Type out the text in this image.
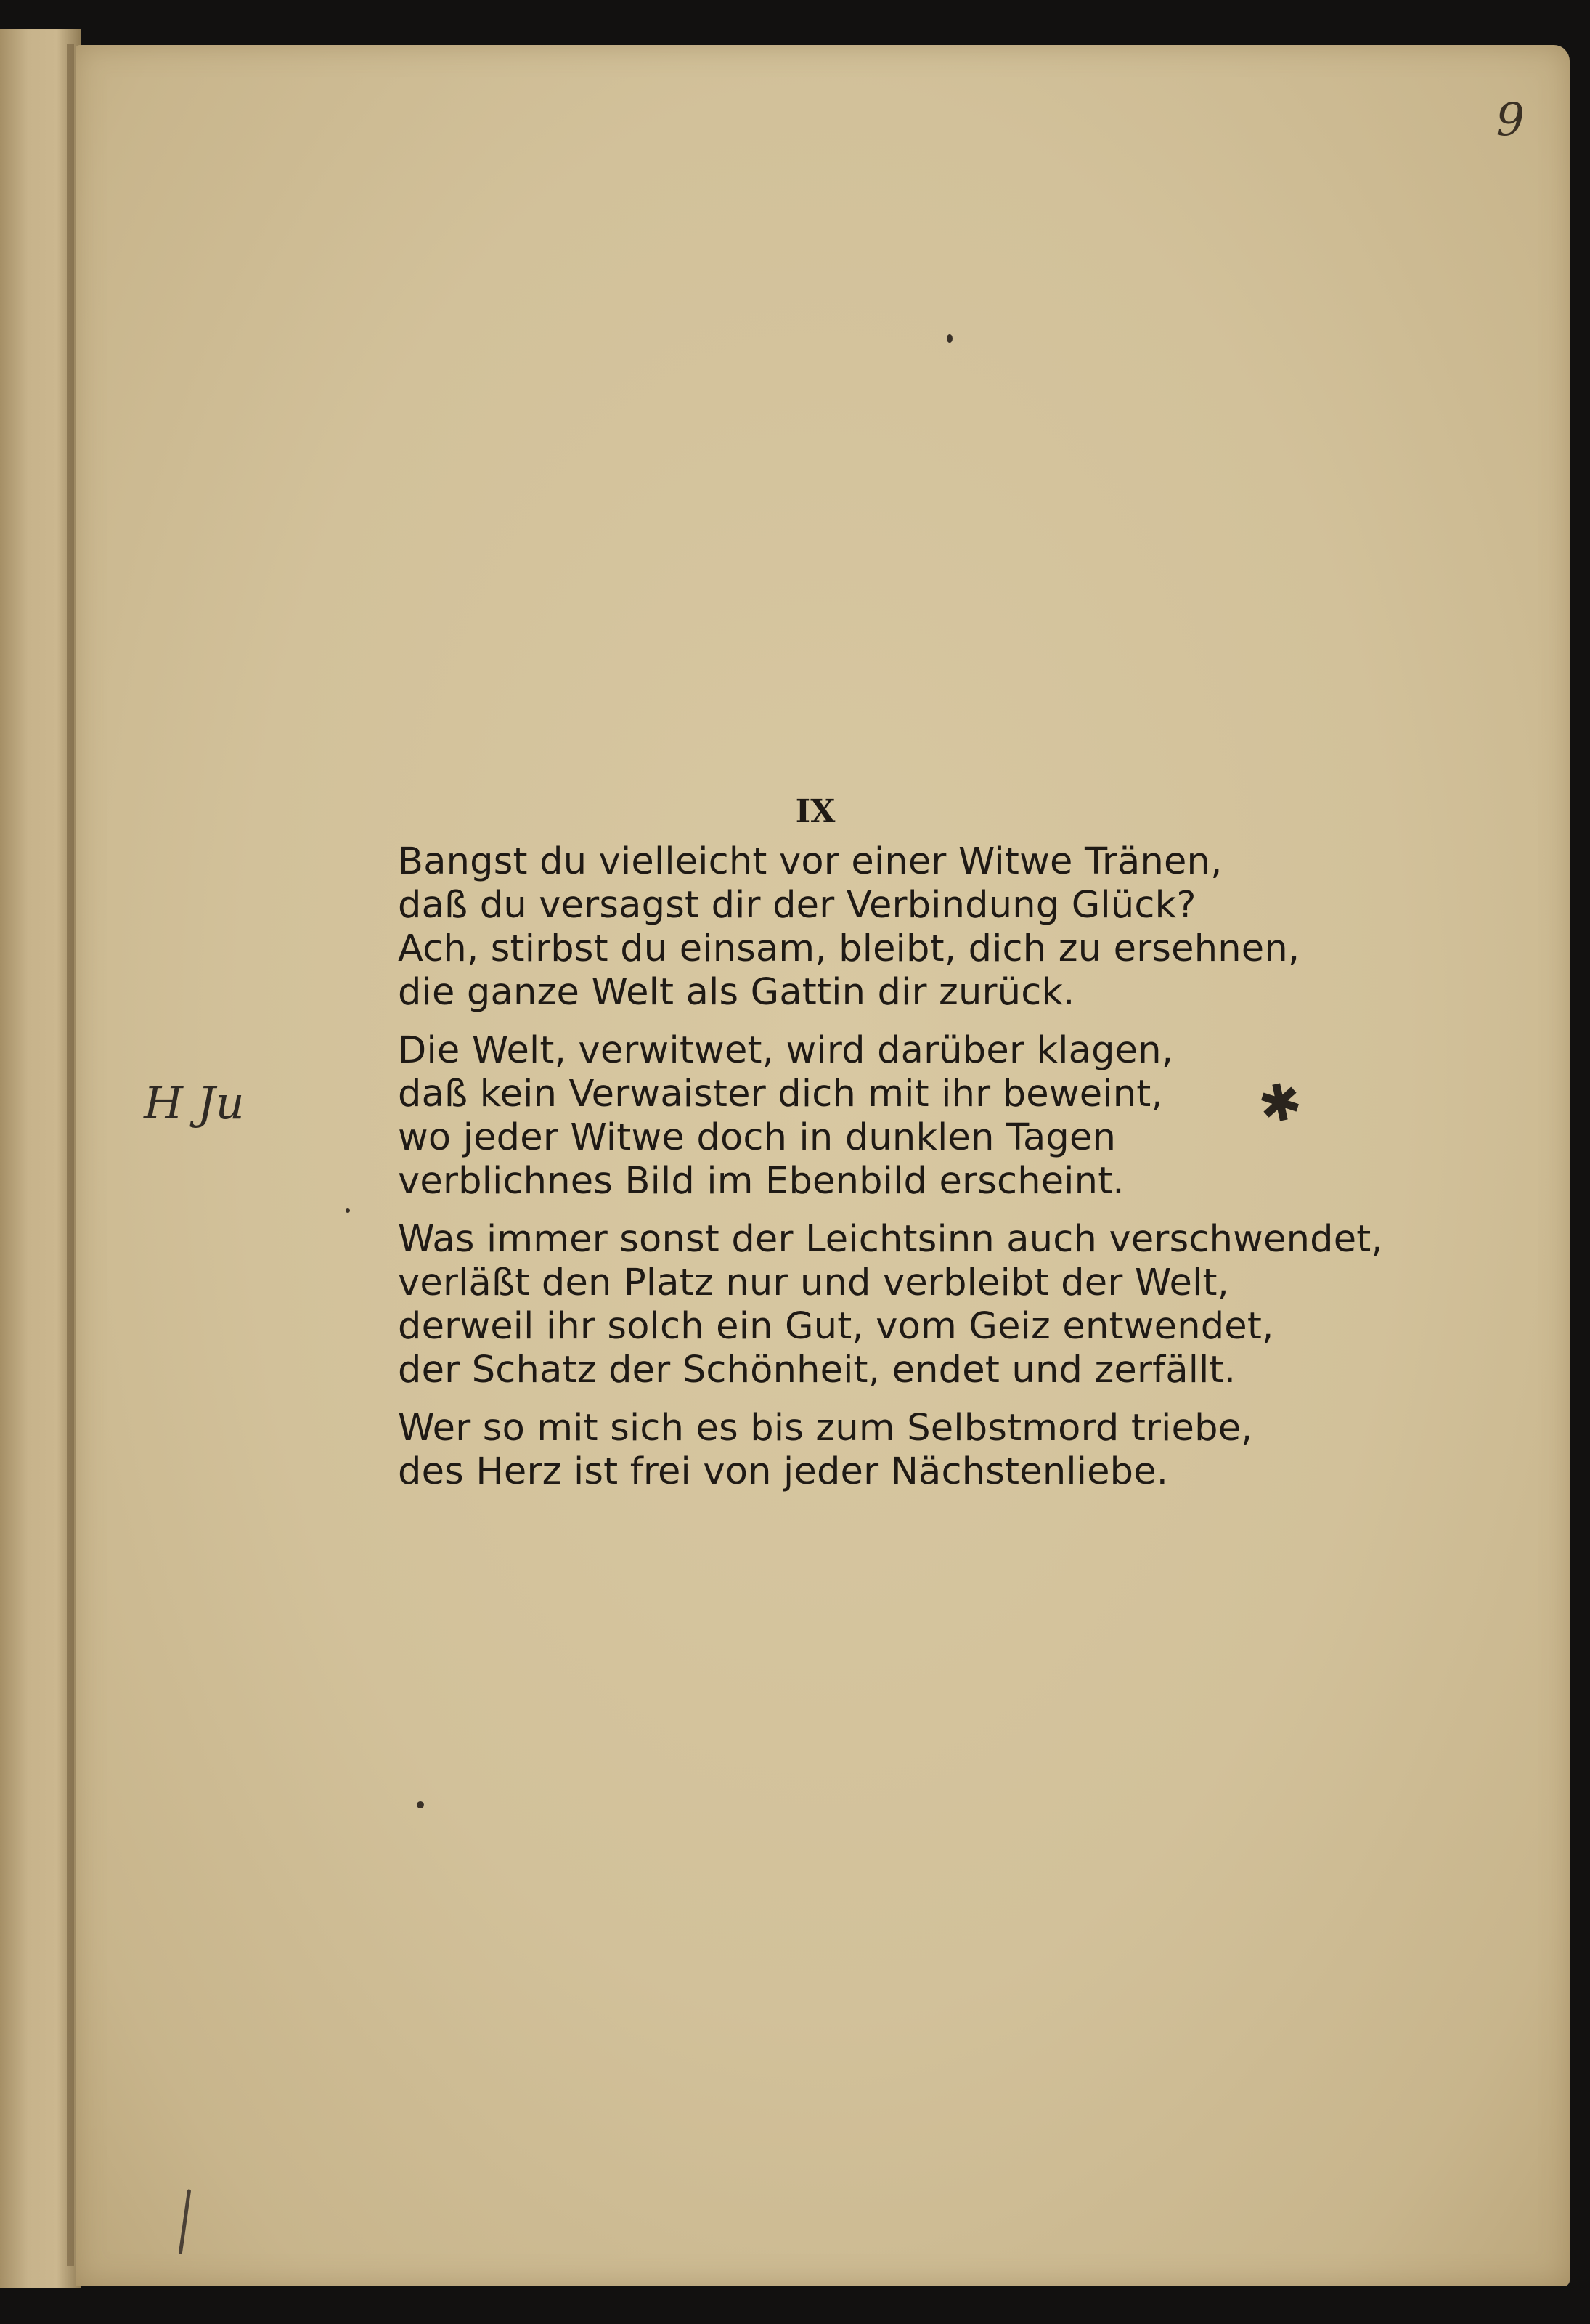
9
H Ju	✱
IX
Bangst du vielleicht vor einer Witwe Tränen,
daß du versagst dir der Verbindung Glück?
Ach, stirbst du einsam, bleibt, dich zu ersehnen,
die ganze Welt als Gattin dir zurück.
Die Welt, verwitwet, wird darüber klagen,
daß kein Verwaister dich mit ihr beweint,
wo jeder Witwe doch in dunklen Tagen
verblichnes Bild im Ebenbild erscheint.
Was immer sonst der Leichtsinn auch verschwendet,
verläßt den Platz nur und verbleibt der Welt,
derweil ihr solch ein Gut, vom Geiz entwendet,
der Schatz der Schönheit, endet und zerfällt.
Wer so mit sich es bis zum Selbstmord triebe,
des Herz ist frei von jeder Nächstenliebe.
